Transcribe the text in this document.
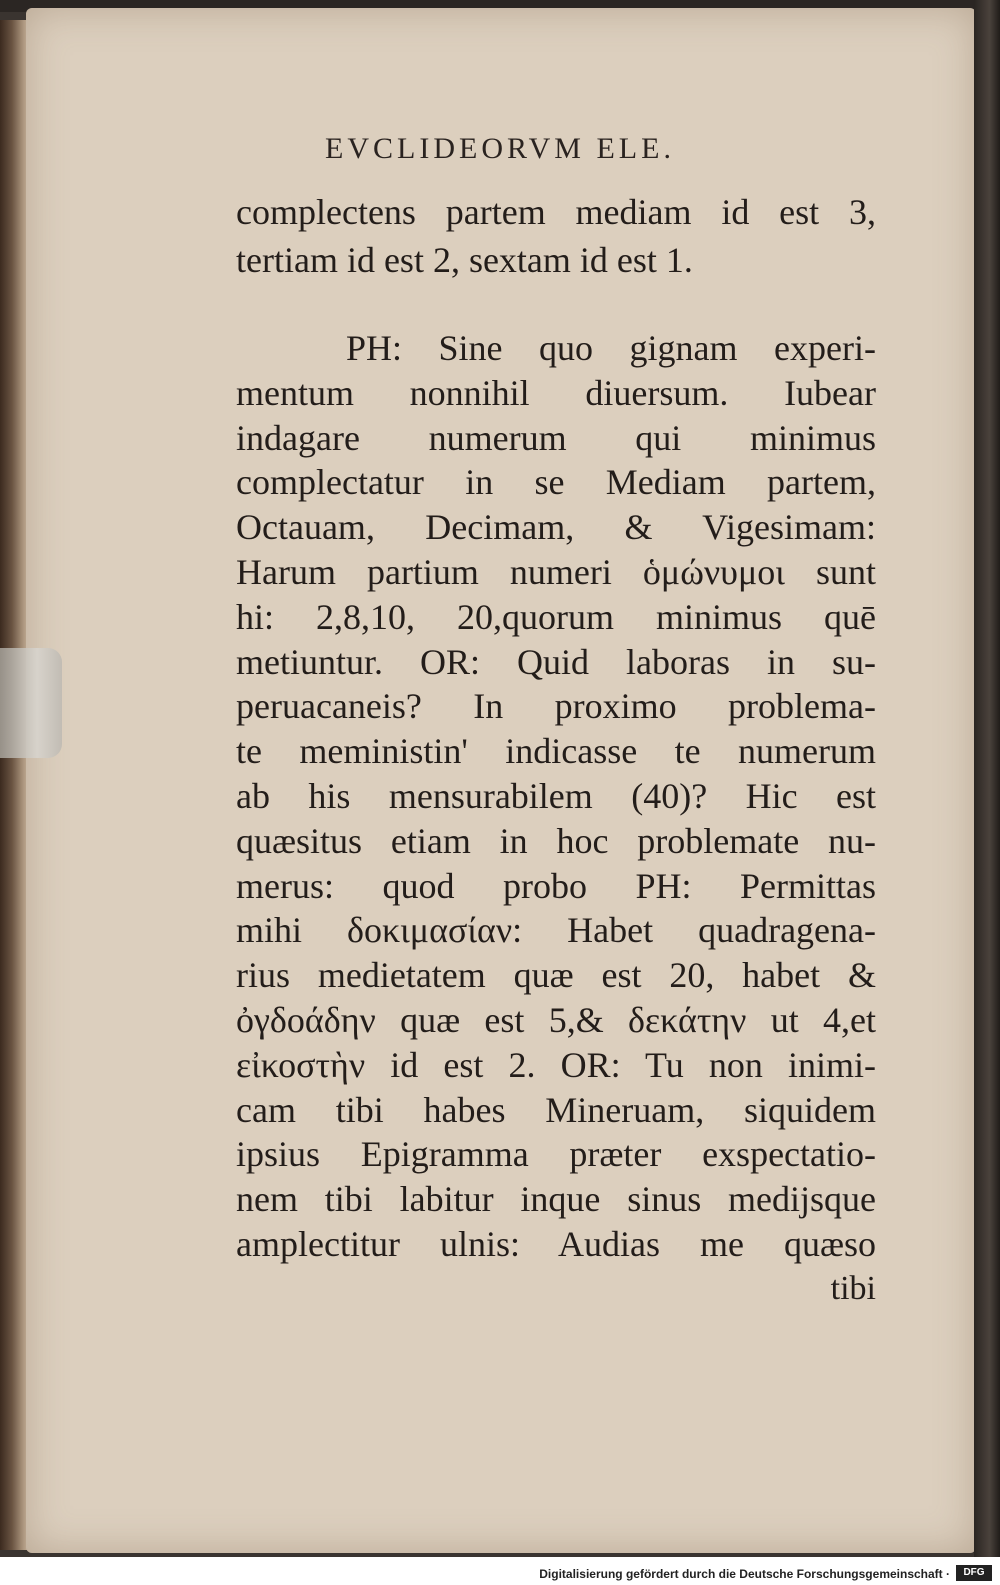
EVCLIDEORVM ELE.
complectens partem mediam id est 3,
tertiam id est 2, sextam id est 1.
PH: Sine quo gignam experi-
mentum nonnihil diuersum. Iubear
indagare numerum qui minimus
complectatur in se Mediam partem,
Octauam, Decimam, & Vigesimam:
Harum partium numeri ὁμώνυμοι sunt
hi: 2,8,10, 20,quorum minimus quē
metiuntur. OR: Quid laboras in su-
peruacaneis? In proximo problema-
te meministin' indicasse te numerum
ab his mensurabilem (40)? Hic est
quæsitus etiam in hoc problemate nu-
merus: quod probo PH: Permittas
mihi δοκιμασίαν: Habet quadragena-
rius medietatem quæ est 20, habet &
ὀγδοάδην quæ est 5,& δεκάτην ut 4,et
εἰκοστὴν id est 2. OR: Tu non inimi-
cam tibi habes Mineruam, siquidem
ipsius Epigramma præter exspectatio-
nem tibi labitur inque sinus medijsque
amplectitur ulnis: Audias me quæso
tibi
Digitalisierung gefördert durch die Deutsche Forschungsgemeinschaft ·	DFG
